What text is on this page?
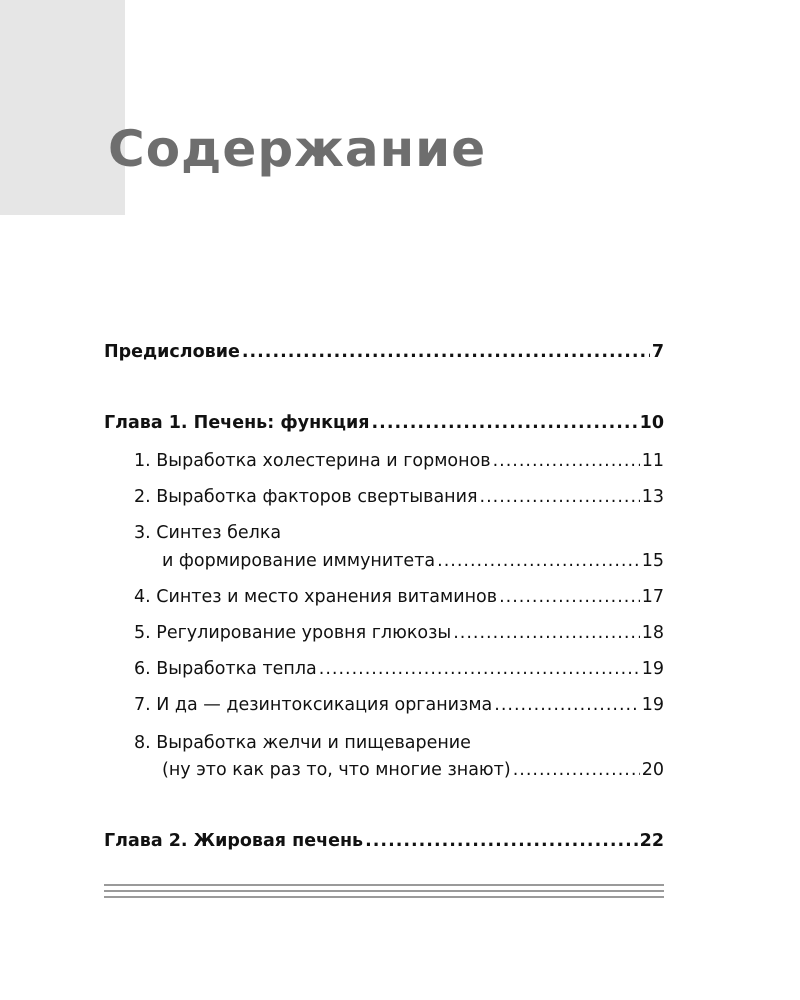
Содержание
Предисловие .....	7
Глава 1. Печень: функция .....	10
1. Выработка холестерина и гормонов .....	11
2. Выработка факторов свертывания .....	13
3. Синтез белка
и формирование иммунитета .....	15
4. Синтез и место хранения витаминов .....	17
5. Регулирование уровня глюкозы .....	18
6. Выработка тепла .....	19
7. И да — дезинтоксикация организма .....	19
8. Выработка желчи и пищеварение
(ну это как раз то, что многие знают) .....	20
Глава 2. Жировая печень .....	22
